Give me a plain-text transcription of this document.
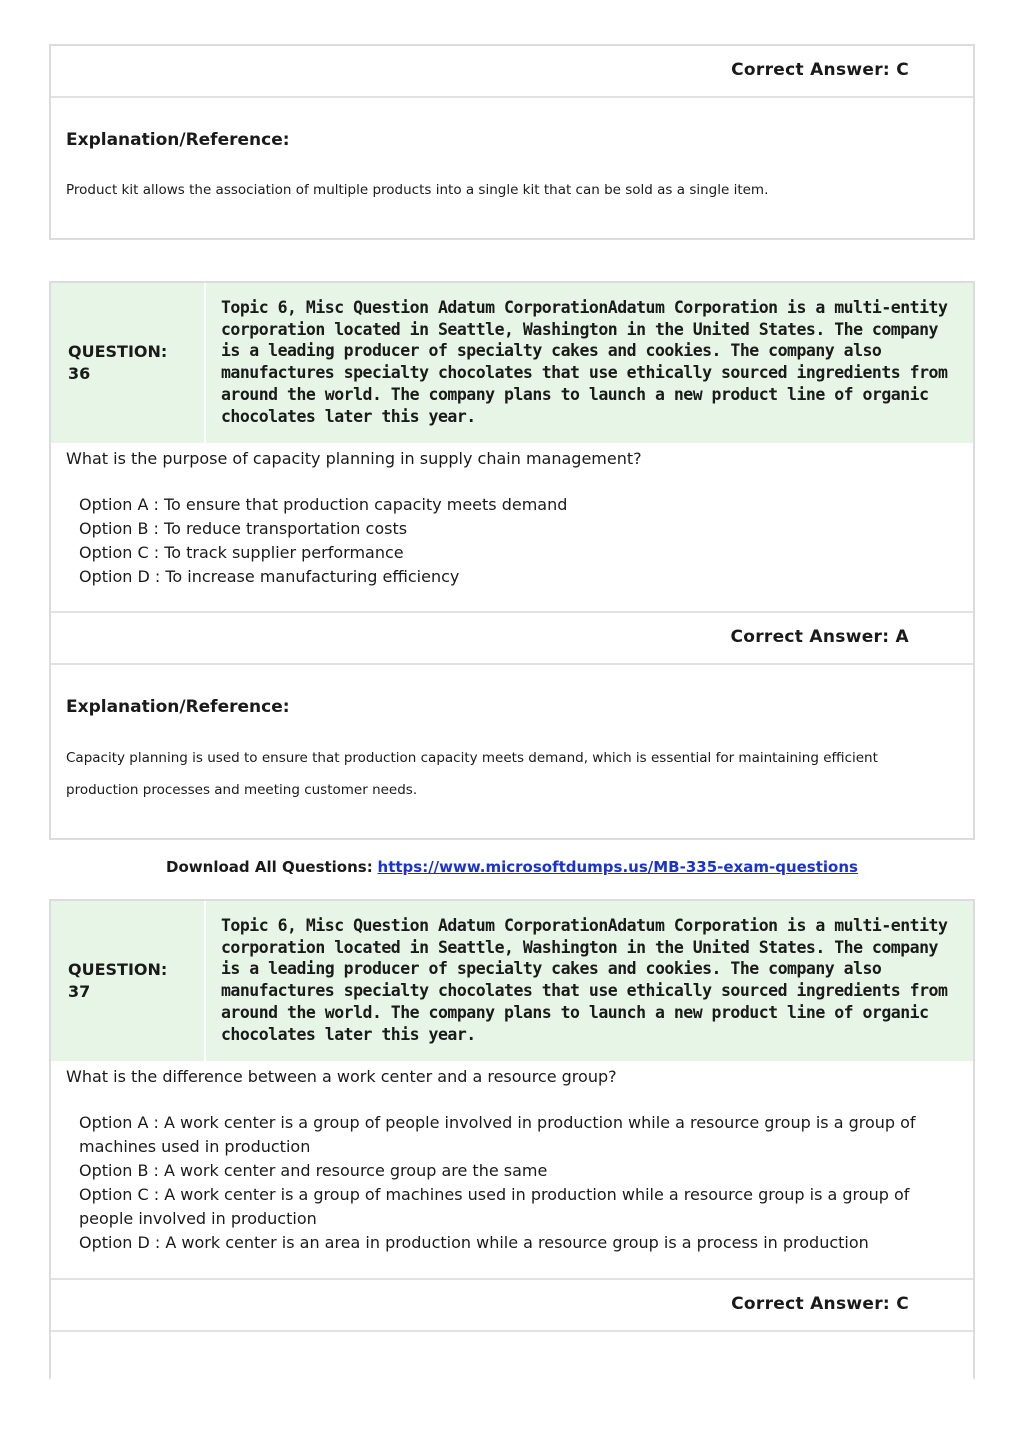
Correct Answer: C
Explanation/Reference:
Product kit allows the association of multiple products into a single kit that can be sold as a single item.
QUESTION:
36
Topic 6, Misc Question Adatum CorporationAdatum Corporation is a multi-entity corporation located in Seattle, Washington in the United States. The company is a leading producer of specialty cakes and cookies. The company also manufactures specialty chocolates that use ethically sourced ingredients from around the world. The company plans to launch a new product line of organic chocolates later this year.
What is the purpose of capacity planning in supply chain management?
Option A : To ensure that production capacity meets demand
Option B : To reduce transportation costs
Option C : To track supplier performance
Option D : To increase manufacturing efficiency
Correct Answer: A
Explanation/Reference:
Capacity planning is used to ensure that production capacity meets demand, which is essential for maintaining efficient production processes and meeting customer needs.
Download All Questions: https://www.microsoftdumps.us/MB-335-exam-questions
QUESTION:
37
Topic 6, Misc Question Adatum CorporationAdatum Corporation is a multi-entity corporation located in Seattle, Washington in the United States. The company is a leading producer of specialty cakes and cookies. The company also manufactures specialty chocolates that use ethically sourced ingredients from around the world. The company plans to launch a new product line of organic chocolates later this year.
What is the difference between a work center and a resource group?
Option A : A work center is a group of people involved in production while a resource group is a group of machines used in production
Option B : A work center and resource group are the same
Option C : A work center is a group of machines used in production while a resource group is a group of people involved in production
Option D : A work center is an area in production while a resource group is a process in production
Correct Answer: C
